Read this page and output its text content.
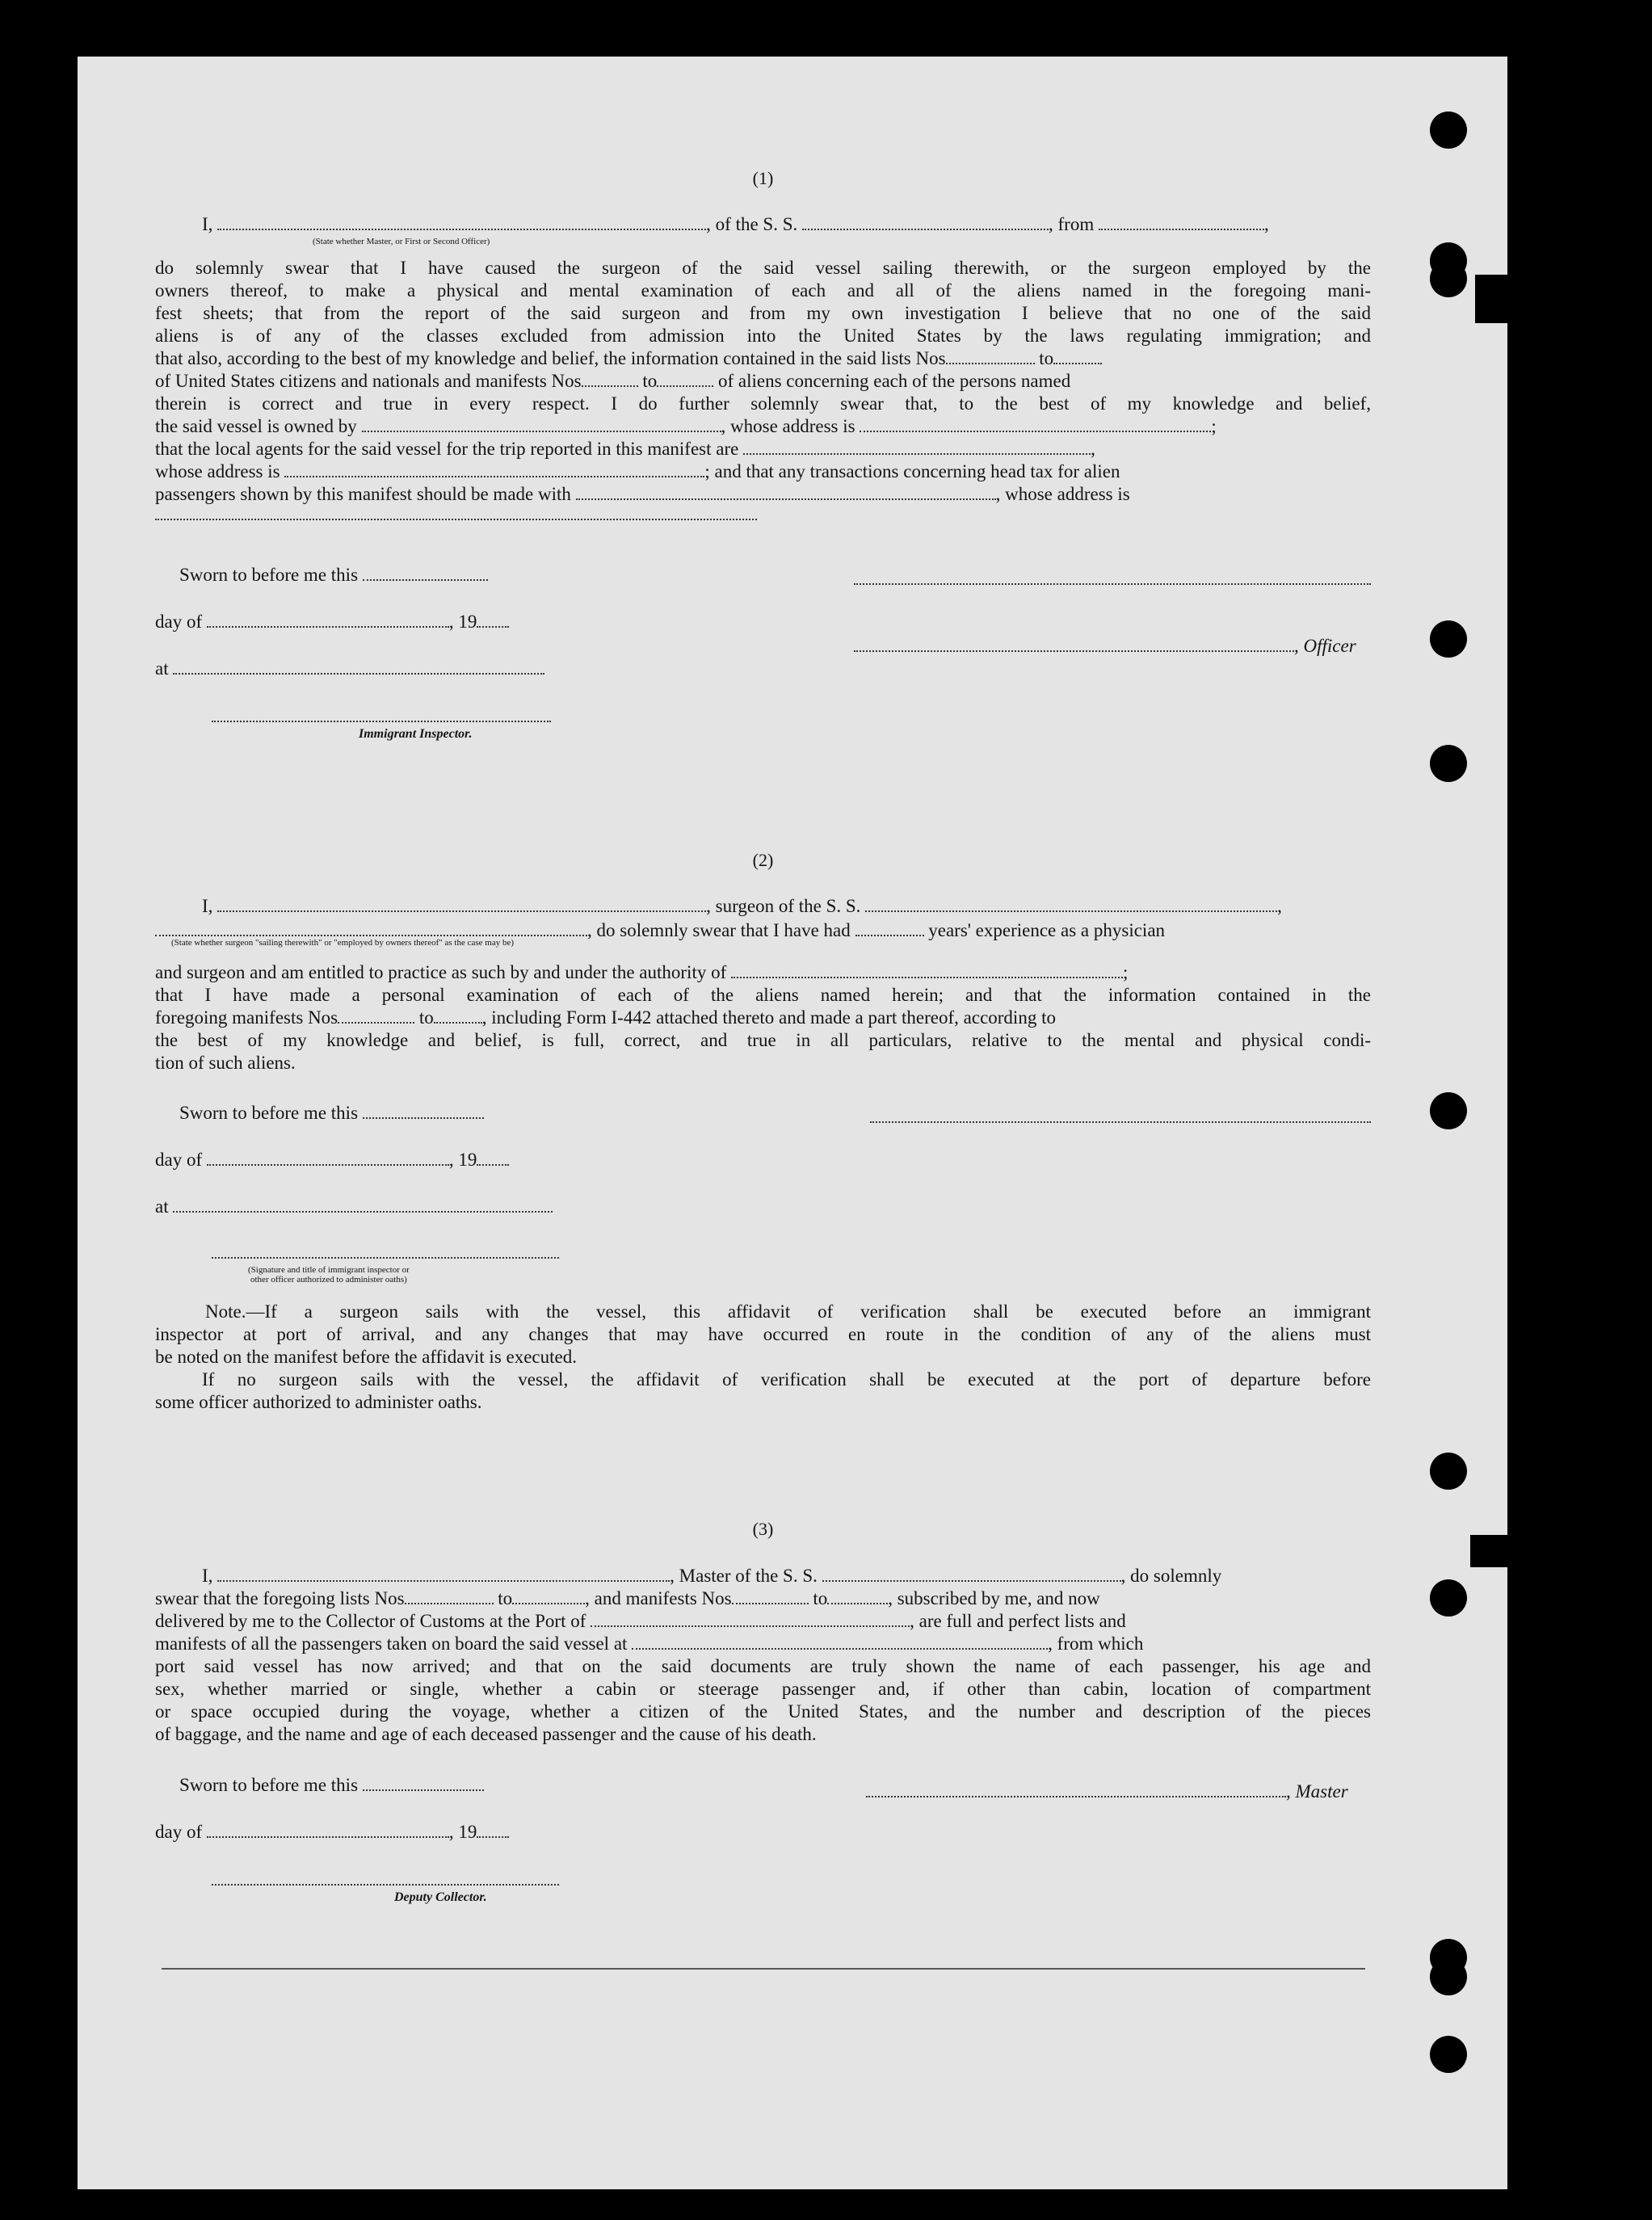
(1)
I,	, of the S. S.	, from	,
(State whether Master, or First or Second Officer)
do solemnly swear that I have caused the surgeon of the said vessel sailing therewith, or the surgeon employed by the
owners thereof, to make a physical and mental examination of each and all of the aliens named in the foregoing mani-
fest sheets; that from the report of the said surgeon and from my own investigation I believe that no one of the said
aliens is of any of the classes excluded from admission into the United States by the laws regulating immigration; and
that also, according to the best of my knowledge and belief, the information contained in the said lists Nos	to
of United States citizens and nationals and manifests Nos	to	of aliens concerning each of the persons named
therein is correct and true in every respect. I do further solemnly swear that, to the best of my knowledge and belief,
the said vessel is owned by	, whose address is	;
that the local agents for the said vessel for the trip reported in this manifest are	,
whose address is	; and that any transactions concerning head tax for alien
passengers shown by this manifest should be made with	, whose address is
Sworn to before me this
day of	, 19
, Officer
at
Immigrant Inspector.
(2)
I,	, surgeon of the S. S.	,
, do solemnly swear that I have had	years' experience as a physician
(State whether surgeon "sailing therewith" or "employed by owners thereof" as the case may be)
and surgeon and am entitled to practice as such by and under the authority of	;
that I have made a personal examination of each of the aliens named herein; and that the information contained in the
foregoing manifests Nos	to	, including Form I-442 attached thereto and made a part thereof, according to
the best of my knowledge and belief, is full, correct, and true in all particulars, relative to the mental and physical condi-
tion of such aliens.
Sworn to before me this
day of	, 19
at
(Signature and title of immigrant inspector or
other officer authorized to administer oaths)
Note.—If a surgeon sails with the vessel, this affidavit of verification shall be executed before an immigrant
inspector at port of arrival, and any changes that may have occurred en route in the condition of any of the aliens must
be noted on the manifest before the affidavit is executed.
If no surgeon sails with the vessel, the affidavit of verification shall be executed at the port of departure before
some officer authorized to administer oaths.
(3)
I,	, Master of the S. S.	, do solemnly
swear that the foregoing lists Nos	to	, and manifests Nos	to	, subscribed by me, and now
delivered by me to the Collector of Customs at the Port of	, are full and perfect lists and
manifests of all the passengers taken on board the said vessel at	, from which
port said vessel has now arrived; and that on the said documents are truly shown the name of each passenger, his age and
sex, whether married or single, whether a cabin or steerage passenger and, if other than cabin, location of compartment
or space occupied during the voyage, whether a citizen of the United States, and the number and description of the pieces
of baggage, and the name and age of each deceased passenger and the cause of his death.
Sworn to before me this	, Master
day of	, 19
Deputy Collector.
